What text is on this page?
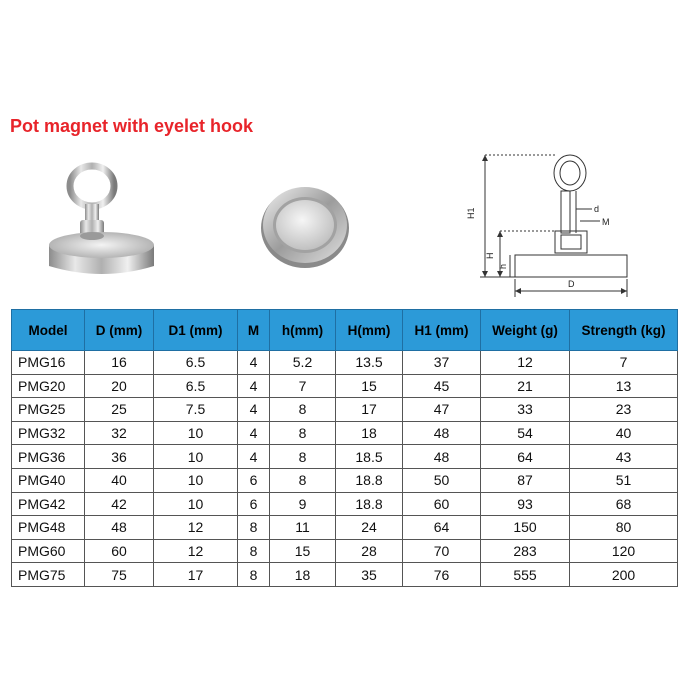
Pot magnet with eyelet hook
H1
H
h
d
M
D
Model	D (mm)	D1 (mm)	M	h(mm)	H(mm)	H1 (mm)	Weight (g)	Strength (kg)
PMG16	16	6.5	4	5.2	13.5	37	12	7
PMG20	20	6.5	4	7	15	45	21	13
PMG25	25	7.5	4	8	17	47	33	23
PMG32	32	10	4	8	18	48	54	40
PMG36	36	10	4	8	18.5	48	64	43
PMG40	40	10	6	8	18.8	50	87	51
PMG42	42	10	6	9	18.8	60	93	68
PMG48	48	12	8	11	24	64	150	80
PMG60	60	12	8	15	28	70	283	120
PMG75	75	17	8	18	35	76	555	200
